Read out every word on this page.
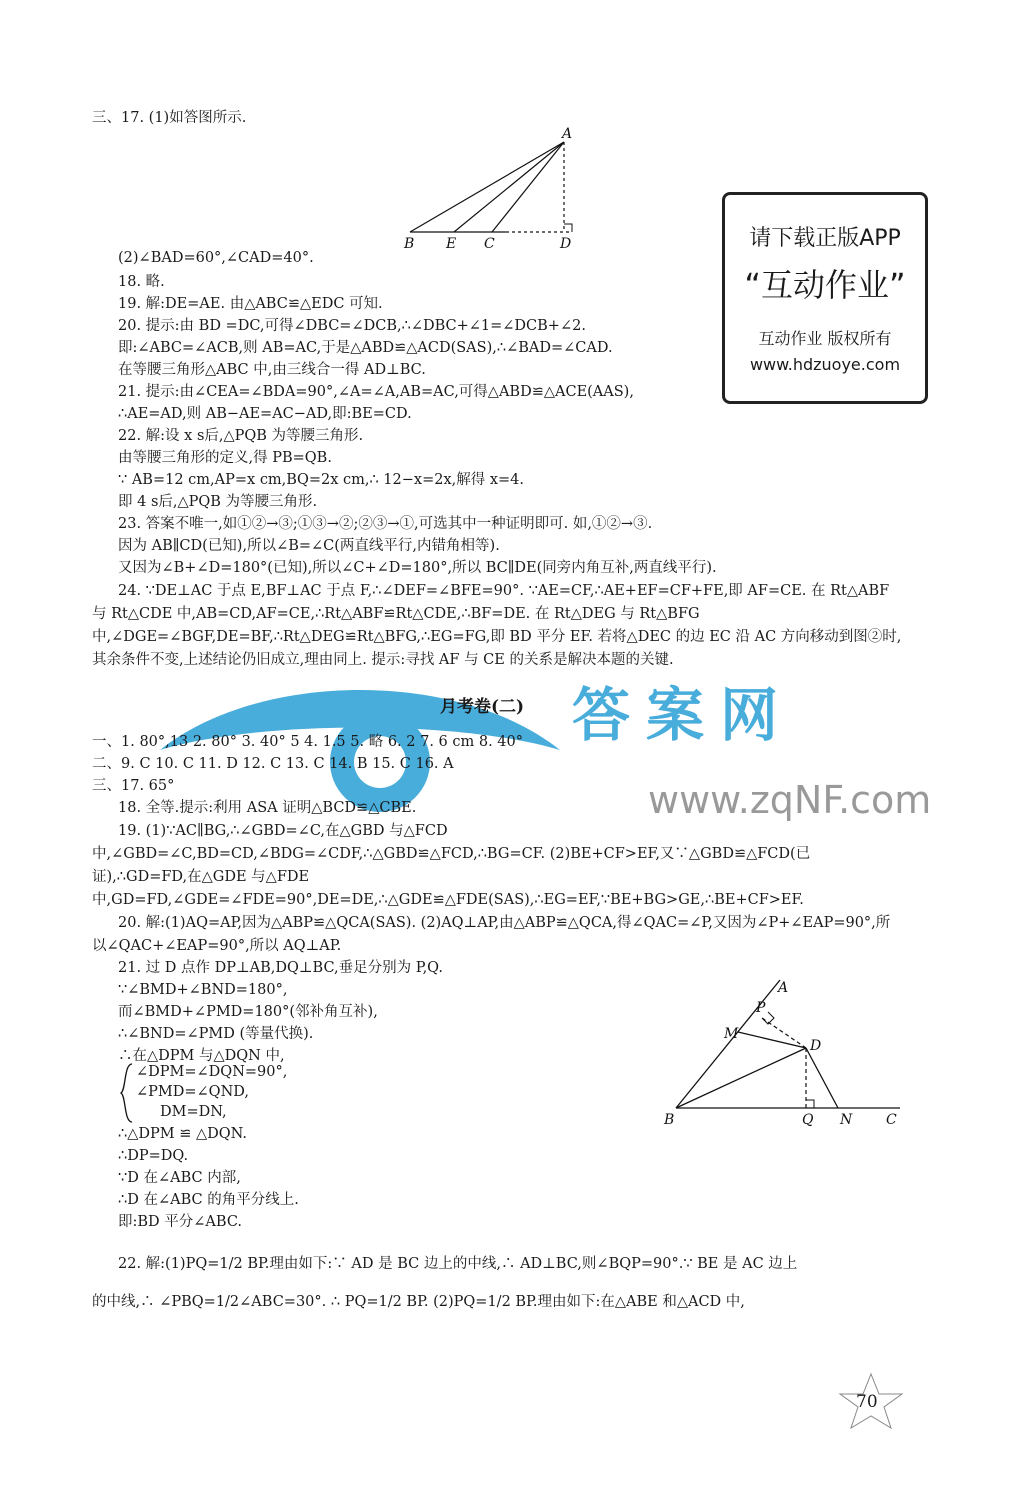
三、17. (1)如答图所示.
A
B E C	D
(2)∠BAD=60°,∠CAD=40°.
18. 略.
19. 解:DE=AE. 由△ABC≌△EDC 可知.
20. 提示:由 BD =DC,可得∠DBC=∠DCB,∴∠DBC+∠1=∠DCB+∠2.
即:∠ABC=∠ACB,则 AB=AC,于是△ABD≌△ACD(SAS),∴∠BAD=∠CAD.
在等腰三角形△ABC 中,由三线合一得 AD⊥BC.
21. 提示:由∠CEA=∠BDA=90°,∠A=∠A,AB=AC,可得△ABD≌△ACE(AAS),
∴AE=AD,则 AB−AE=AC−AD,即:BE=CD.
22. 解:设 x s后,△PQB 为等腰三角形.
由等腰三角形的定义,得 PB=QB.
∵ AB=12 cm,AP=x cm,BQ=2x cm,∴ 12−x=2x,解得 x=4.
即 4 s后,△PQB 为等腰三角形.
23. 答案不唯一,如①②→③;①③→②;②③→①,可选其中一种证明即可. 如,①②→③.
因为 AB∥CD(已知),所以∠B=∠C(两直线平行,内错角相等).
又因为∠B+∠D=180°(已知),所以∠C+∠D=180°,所以 BC∥DE(同旁内角互补,两直线平行).
24. ∵DE⊥AC 于点 E,BF⊥AC 于点 F,∴∠DEF=∠BFE=90°. ∵AE=CF,∴AE+EF=CF+FE,即 AF=CE. 在 Rt△ABF 与 Rt△CDE 中,AB=CD,AF=CE,∴Rt△ABF≌Rt△CDE,∴BF=DE. 在 Rt△DEG 与 Rt△BFG 中,∠DGE=∠BGF,DE=BF,∴Rt△DEG≌Rt△BFG,∴EG=FG,即 BD 平分 EF. 若将△DEC 的边 EC 沿 AC 方向移动到图②时,其余条件不变,上述结论仍旧成立,理由同上. 提示:寻找 AF 与 CE 的关系是解决本题的关键.
请下载正版APP
“互动作业”
互动作业 版权所有
www.hdzuoye.com
答案网
月考卷(二)
一、1. 80°,13 2. 80° 3. 40° 5 4. 1.5 5. 略 6. 2 7. 6 cm 8. 40°
二、9. C 10. C 11. D 12. C 13. C 14. B 15. C 16. A
三、17. 65°	www.zqNF.com
18. 全等.提示:利用 ASA 证明△BCD≌△CBE.
19. (1)∵AC∥BG,∴∠GBD=∠C,在△GBD 与△FCD 中,∠GBD=∠C,BD=CD,∠BDG=∠CDF,∴△GBD≌△FCD,∴BG=CF. (2)BE+CF>EF,又∵△GBD≌△FCD(已证),∴GD=FD,在△GDE 与△FDE 中,GD=FD,∠GDE=∠FDE=90°,DE=DE,∴△GDE≌△FDE(SAS),∴EG=EF,∵BE+BG>GE,∴BE+CF>EF.
20. 解:(1)AQ=AP,因为△ABP≌△QCA(SAS). (2)AQ⊥AP,由△ABP≌△QCA,得∠QAC=∠P,又因为∠P+∠EAP=90°,所以∠QAC+∠EAP=90°,所以 AQ⊥AP.
21. 过 D 点作 DP⊥AB,DQ⊥BC,垂足分别为 P,Q.
∵∠BMD+∠BND=180°,
而∠BMD+∠PMD=180°(邻补角互补),
∴∠BND=∠PMD (等量代换).
∴在△DPM 与△DQN 中,
∠DPM=∠DQN=90°,
∠PMD=∠QND,
DM=DN,
∴△DPM ≌ △DQN.
∴DP=DQ.
∵D 在∠ABC 内部,
∴D 在∠ABC 的角平分线上.
即:BD 平分∠ABC.
A
P
M
D
B	Q N C
22. 解:(1)PQ=1/2 BP.理由如下:∵ AD 是 BC 边上的中线,∴ AD⊥BC,则∠BQP=90°.∵ BE 是 AC 边上
的中线,∴ ∠PBQ=1/2∠ABC=30°. ∴ PQ=1/2 BP. (2)PQ=1/2 BP.理由如下:在△ABE 和△ACD 中,
70
